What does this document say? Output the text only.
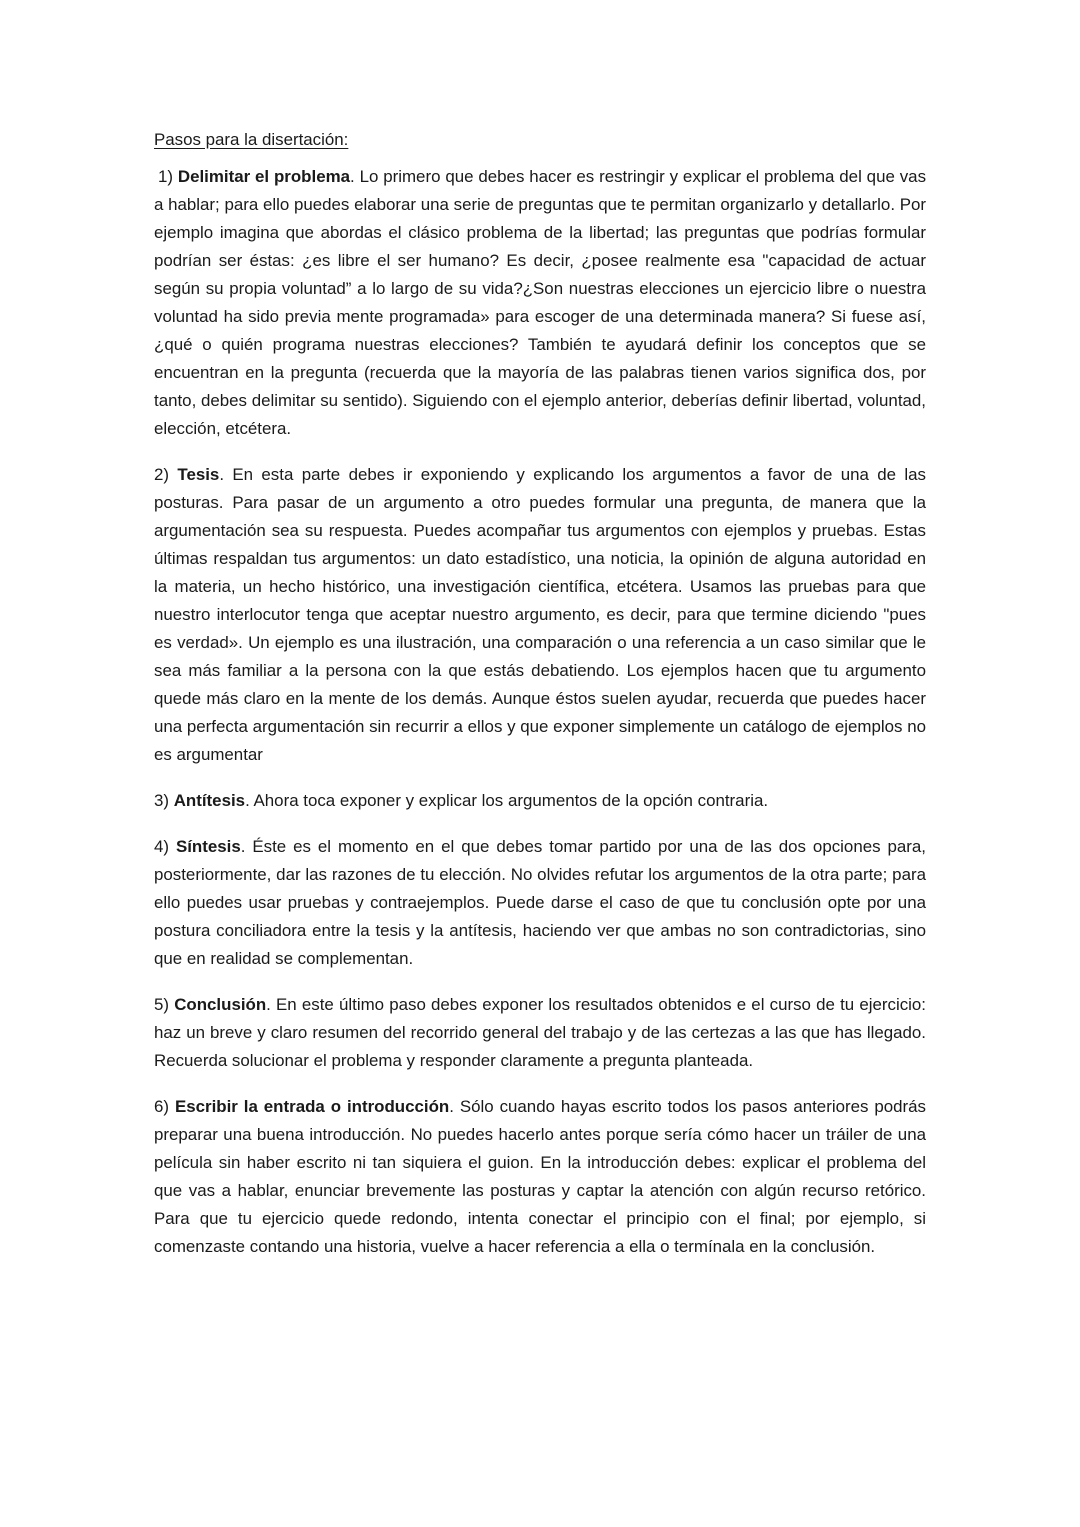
Pasos para la disertación:

1) Delimitar el problema. Lo primero que debes hacer es restringir y explicar el problema del que vas a hablar; para ello puedes elaborar una serie de preguntas que te permitan organizarlo y detallarlo. Por ejemplo imagina que abordas el clásico problema de la libertad; las preguntas que podrías formular podrían ser éstas: ¿es libre el ser humano? Es decir, ¿posee realmente esa "capacidad de actuar según su propia voluntad” a lo largo de su vida?¿Son nuestras elecciones un ejercicio libre o nuestra voluntad ha sido previa mente programada» para escoger de una determinada manera? Si fuese así, ¿qué o quién programa nuestras elecciones? También te ayudará definir los conceptos que se encuentran en la pregunta (recuerda que la mayoría de las palabras tienen varios significa dos, por tanto, debes delimitar su sentido). Siguiendo con el ejemplo anterior, deberías definir libertad, voluntad, elección, etcétera.

2) Tesis. En esta parte debes ir exponiendo y explicando los argumentos a favor de una de las posturas. Para pasar de un argumento a otro puedes formular una pregunta, de manera que la argumentación sea su respuesta. Puedes acompañar tus argumentos con ejemplos y pruebas. Estas últimas respaldan tus argumentos: un dato estadístico, una noticia, la opinión de alguna autoridad en la materia, un hecho histórico, una investigación científica, etcétera. Usamos las pruebas para que nuestro interlocutor tenga que aceptar nuestro argumento, es decir, para que termine diciendo "pues es verdad». Un ejemplo es una ilustración, una comparación o una referencia a un caso similar que le sea más familiar a la persona con la que estás debatiendo. Los ejemplos hacen que tu argumento quede más claro en la mente de los demás. Aunque éstos suelen ayudar, recuerda que puedes hacer una perfecta argumentación sin recurrir a ellos y que exponer simplemente un catálogo de ejemplos no es argumentar

3) Antítesis. Ahora toca exponer y explicar los argumentos de la opción contraria.

4) Síntesis. Éste es el momento en el que debes tomar partido por una de las dos opciones para, posteriormente, dar las razones de tu elección. No olvides refutar los argumentos de la otra parte; para ello puedes usar pruebas y contraejemplos. Puede darse el caso de que tu conclusión opte por una postura conciliadora entre la tesis y la antítesis, haciendo ver que ambas no son contradictorias, sino que en realidad se complementan.

5) Conclusión. En este último paso debes exponer los resultados obtenidos e el curso de tu ejercicio: haz un breve y claro resumen del recorrido general del trabajo y de las certezas a las que has llegado. Recuerda solucionar el problema y responder claramente a pregunta planteada.

6) Escribir la entrada o introducción. Sólo cuando hayas escrito todos los pasos anteriores podrás preparar una buena introducción. No puedes hacerlo antes porque sería cómo hacer un tráiler de una película sin haber escrito ni tan siquiera el guion. En la introducción debes: explicar el problema del que vas a hablar, enunciar brevemente las posturas y captar la atención con algún recurso retórico. Para que tu ejercicio quede redondo, intenta conectar el principio con el final; por ejemplo, si comenzaste contando una historia, vuelve a hacer referencia a ella o termínala en la conclusión.
